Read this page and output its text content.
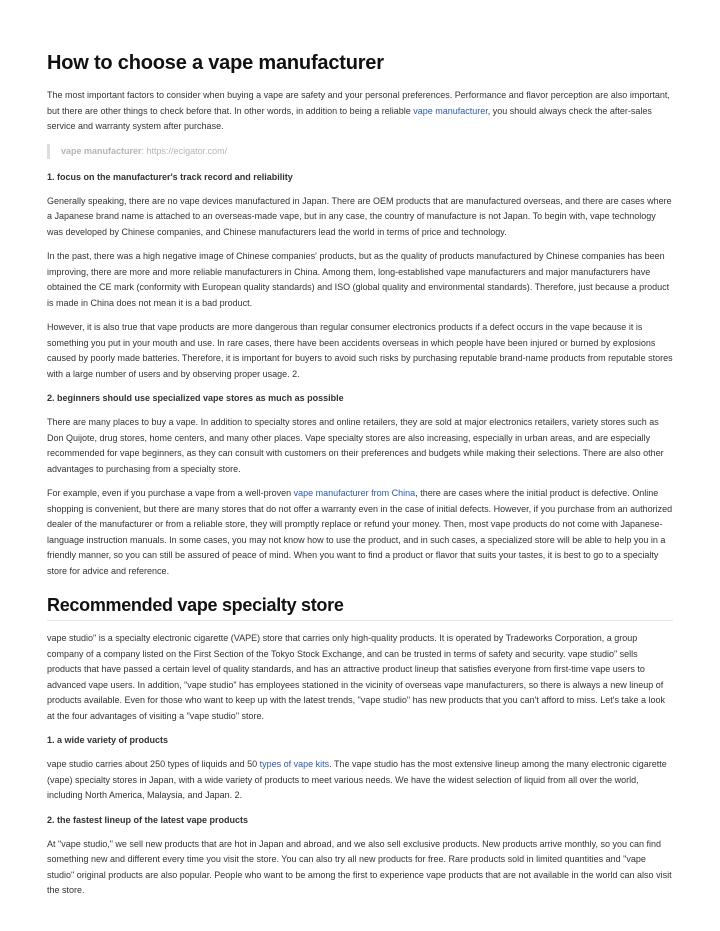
How to choose a vape manufacturer

The most important factors to consider when buying a vape are safety and your personal preferences. Performance and flavor perception are also important, but there are other things to check before that. In other words, in addition to being a reliable vape manufacturer, you should always check the after-sales service and warranty system after purchase.

vape manufacturer: https://ecigator.com/
1. focus on the manufacturer's track record and reliability

Generally speaking, there are no vape devices manufactured in Japan. There are OEM products that are manufactured overseas, and there are cases where a Japanese brand name is attached to an overseas-made vape, but in any case, the country of manufacture is not Japan. To begin with, vape technology was developed by Chinese companies, and Chinese manufacturers lead the world in terms of price and technology.

In the past, there was a high negative image of Chinese companies' products, but as the quality of products manufactured by Chinese companies has been improving, there are more and more reliable manufacturers in China. Among them, long-established vape manufacturers and major manufacturers have obtained the CE mark (conformity with European quality standards) and ISO (global quality and environmental standards). Therefore, just because a product is made in China does not mean it is a bad product.

However, it is also true that vape products are more dangerous than regular consumer electronics products if a defect occurs in the vape because it is something you put in your mouth and use. In rare cases, there have been accidents overseas in which people have been injured or burned by explosions caused by poorly made batteries. Therefore, it is important for buyers to avoid such risks by purchasing reputable brand-name products from reputable stores with a large number of users and by observing proper usage. 2.

2. beginners should use specialized vape stores as much as possible

There are many places to buy a vape. In addition to specialty stores and online retailers, they are sold at major electronics retailers, variety stores such as Don Quijote, drug stores, home centers, and many other places. Vape specialty stores are also increasing, especially in urban areas, and are especially recommended for vape beginners, as they can consult with customers on their preferences and budgets while making their selections. There are also other advantages to purchasing from a specialty store.

For example, even if you purchase a vape from a well-proven vape manufacturer from China, there are cases where the initial product is defective. Online shopping is convenient, but there are many stores that do not offer a warranty even in the case of initial defects. However, if you purchase from an authorized dealer of the manufacturer or from a reliable store, they will promptly replace or refund your money. Then, most vape products do not come with Japanese-language instruction manuals. In some cases, you may not know how to use the product, and in such cases, a specialized store will be able to help you in a friendly manner, so you can still be assured of peace of mind. When you want to find a product or flavor that suits your tastes, it is best to go to a specialty store for advice and reference.

Recommended vape specialty store

vape studio" is a specialty electronic cigarette (VAPE) store that carries only high-quality products. It is operated by Tradeworks Corporation, a group company of a company listed on the First Section of the Tokyo Stock Exchange, and can be trusted in terms of safety and security. vape studio" sells products that have passed a certain level of quality standards, and has an attractive product lineup that satisfies everyone from first-time vape users to advanced vape users. In addition, "vape studio" has employees stationed in the vicinity of overseas vape manufacturers, so there is always a new lineup of products available. Even for those who want to keep up with the latest trends, "vape studio" has new products that you can't afford to miss. Let's take a look at the four advantages of visiting a "vape studio" store.

1. a wide variety of products

vape studio carries about 250 types of liquids and 50 types of vape kits. The vape studio has the most extensive lineup among the many electronic cigarette (vape) specialty stores in Japan, with a wide variety of products to meet various needs. We have the widest selection of liquid from all over the world, including North America, Malaysia, and Japan. 2.

2. the fastest lineup of the latest vape products

At "vape studio," we sell new products that are hot in Japan and abroad, and we also sell exclusive products. New products arrive monthly, so you can find something new and different every time you visit the store. You can also try all new products for free. Rare products sold in limited quantities and "vape studio" original products are also popular. People who want to be among the first to experience vape products that are not available in the world can also visit the store.
